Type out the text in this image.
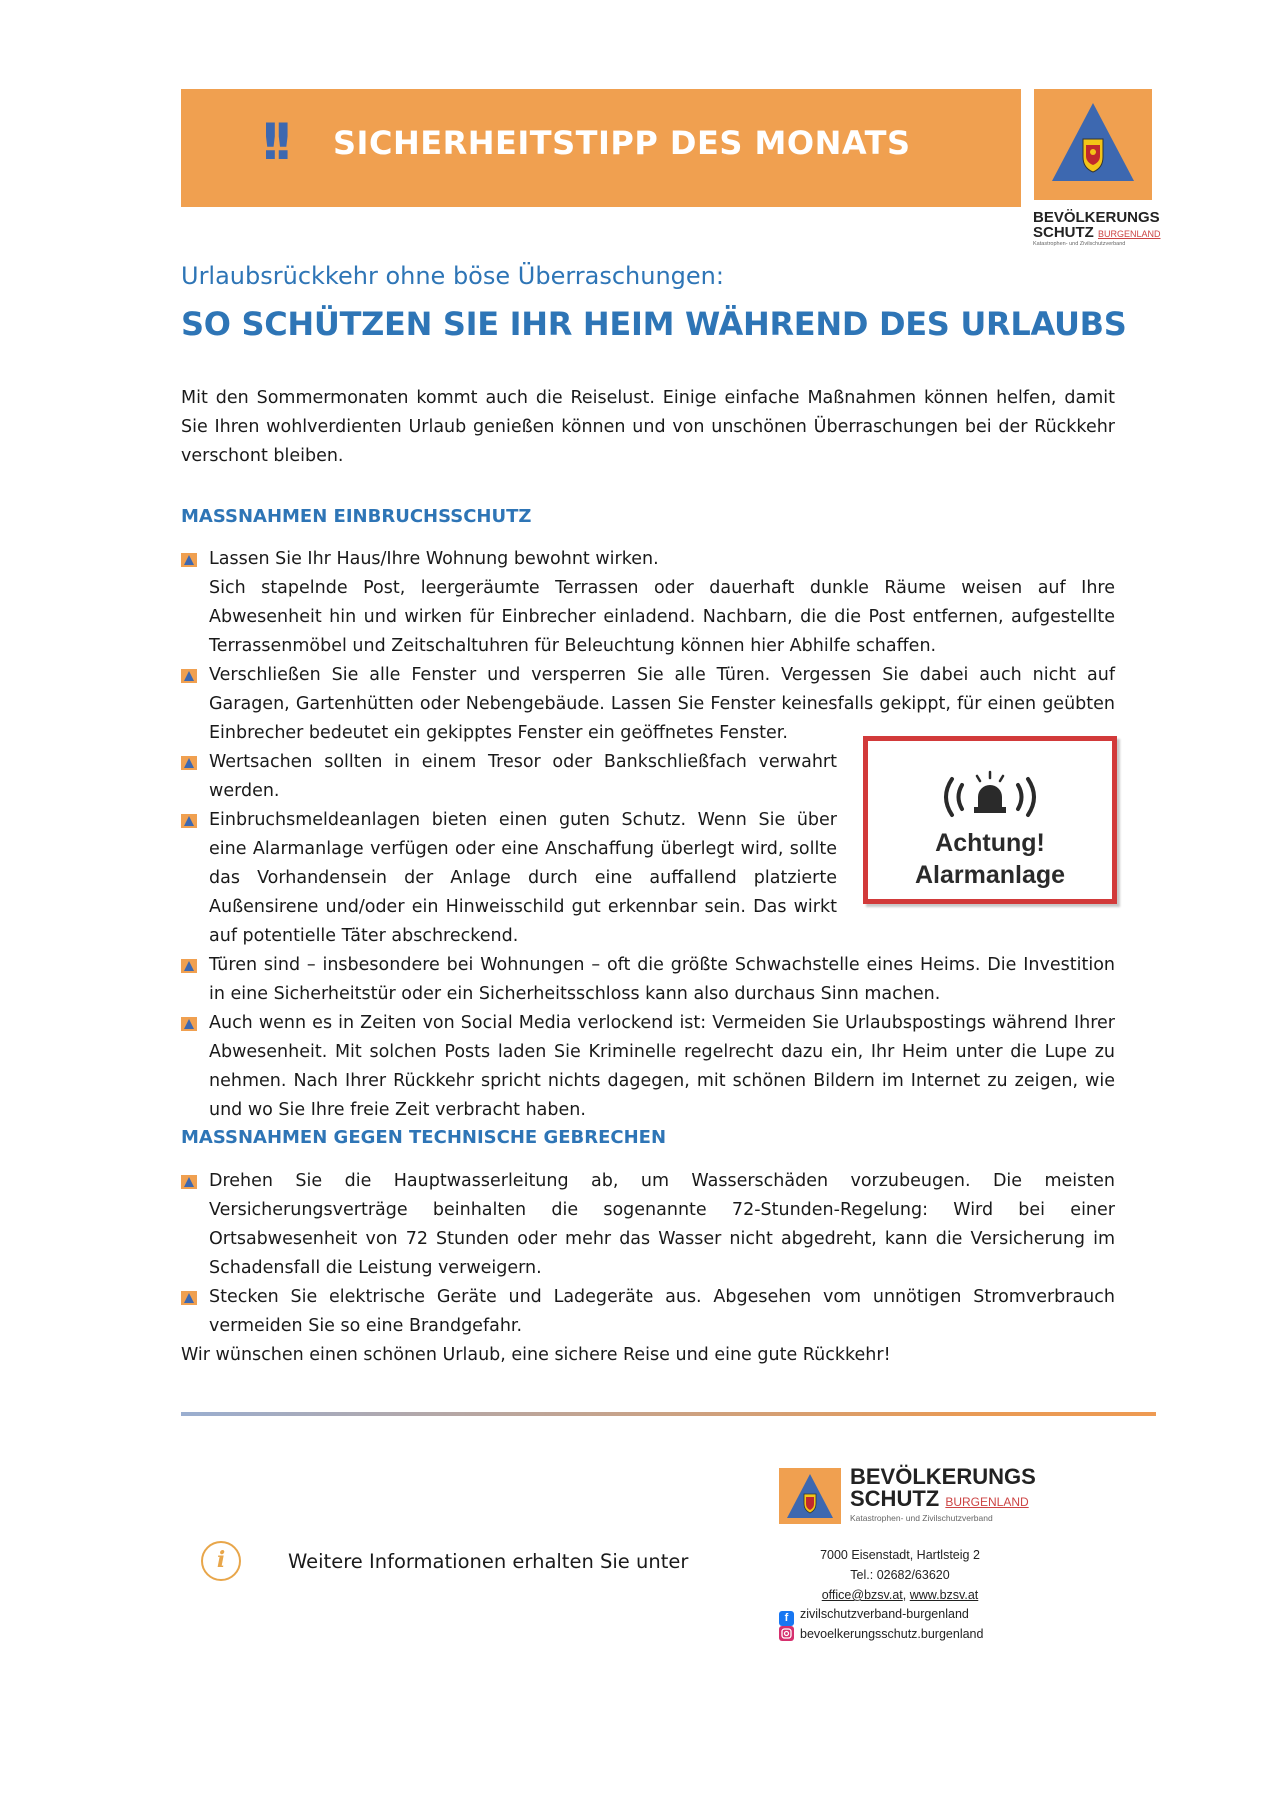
!! SICHERHEITSTIPP DES MONATS
BEVÖLKERUNGS
SCHUTZ BURGENLAND
Katastrophen- und Zivilschutzverband
Urlaubsrückkehr ohne böse Überraschungen:
SO SCHÜTZEN SIE IHR HEIM WÄHREND DES URLAUBS
Mit den Sommermonaten kommt auch die Reiselust. Einige einfache Maßnahmen können helfen, damit Sie Ihren wohlverdienten Urlaub genießen können und von unschönen Überraschungen bei der Rückkehr verschont bleiben.
MASSNAHMEN EINBRUCHSSCHUTZ
Lassen Sie Ihr Haus/Ihre Wohnung bewohnt wirken.
Sich stapelnde Post, leergeräumte Terrassen oder dauerhaft dunkle Räume weisen auf Ihre Abwesenheit hin und wirken für Einbrecher einladend. Nachbarn, die die Post entfernen, aufgestellte Terrassenmöbel und Zeitschaltuhren für Beleuchtung können hier Abhilfe schaffen.
Verschließen Sie alle Fenster und versperren Sie alle Türen. Vergessen Sie dabei auch nicht auf Garagen, Gartenhütten oder Nebengebäude. Lassen Sie Fenster keinesfalls gekippt, für einen geübten Einbrecher bedeutet ein gekipptes Fenster ein geöffnetes Fenster.
Wertsachen sollten in einem Tresor oder Bankschließfach verwahrt werden.
Einbruchsmeldeanlagen bieten einen guten Schutz. Wenn Sie über eine Alarmanlage verfügen oder eine Anschaffung überlegt wird, sollte das Vorhandensein der Anlage durch eine auffallend platzierte Außensirene und/oder ein Hinweisschild gut erkennbar sein. Das wirkt auf potentielle Täter abschreckend.
Türen sind – insbesondere bei Wohnungen – oft die größte Schwachstelle eines Heims. Die Investition in eine Sicherheitstür oder ein Sicherheitsschloss kann also durchaus Sinn machen.
Auch wenn es in Zeiten von Social Media verlockend ist: Vermeiden Sie Urlaubspostings während Ihrer Abwesenheit. Mit solchen Posts laden Sie Kriminelle regelrecht dazu ein, Ihr Heim unter die Lupe zu nehmen. Nach Ihrer Rückkehr spricht nichts dagegen, mit schönen Bildern im Internet zu zeigen, wie und wo Sie Ihre freie Zeit verbracht haben.
Achtung!
Alarmanlage
MASSNAHMEN GEGEN TECHNISCHE GEBRECHEN
Drehen Sie die Hauptwasserleitung ab, um Wasserschäden vorzubeugen. Die meisten Versicherungsverträge beinhalten die sogenannte 72-Stunden-Regelung: Wird bei einer Ortsabwesenheit von 72 Stunden oder mehr das Wasser nicht abgedreht, kann die Versicherung im Schadensfall die Leistung verweigern.
Stecken Sie elektrische Geräte und Ladegeräte aus. Abgesehen vom unnötigen Stromverbrauch vermeiden Sie so eine Brandgefahr.
Wir wünschen einen schönen Urlaub, eine sichere Reise und eine gute Rückkehr!
i	Weitere Informationen erhalten Sie unter
BEVÖLKERUNGS
SCHUTZ BURGENLAND
Katastrophen- und Zivilschutzverband
7000 Eisenstadt, Hartlsteig 2
Tel.: 02682/63620
office@bzsv.at, www.bzsv.at
f zivilschutzverband-burgenland
bevoelkerungsschutz.burgenland
